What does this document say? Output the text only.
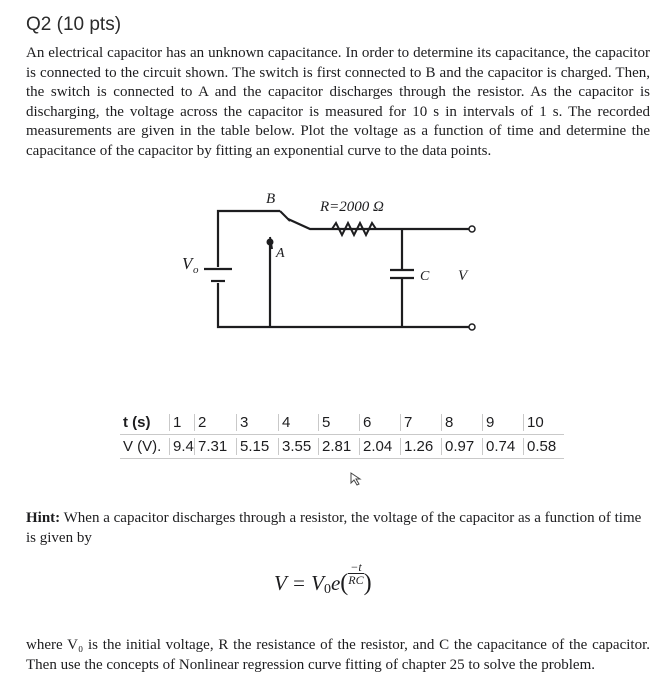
Q2 (10 pts)

An electrical capacitor has an unknown capacitance. In order to determine its capacitance, the capacitor is connected to the circuit shown. The switch is first connected to B and the capacitor is charged. Then, the switch is connected to A and the capacitor discharges through the resistor. As the capacitor is discharging, the voltage across the capacitor is measured for 10 s in intervals of 1 s. The recorded measurements are given in the table below. Plot the voltage as a function of time and determine the capacitance of the capacitor by fitting an exponential curve to the data points.

B
A
R=2000 Ω
V o	C V
t (s)	1	2	3	4	5	6	7	8	9	10
V (V). 9.4 7.31 5.15 3.55 2.81 2.04 1.26 0.97 0.74 0.58

Hint: When a capacitor discharges through a resistor, the voltage of the capacitor as a function of time is given by

$V = V_0e( \frac{-t}{RC}$ )

where V₀ is the initial voltage, R the resistance of the resistor, and C the capacitance of the capacitor. Then use the concepts of Nonlinear regression curve fitting of chapter 25 to solve the problem.
